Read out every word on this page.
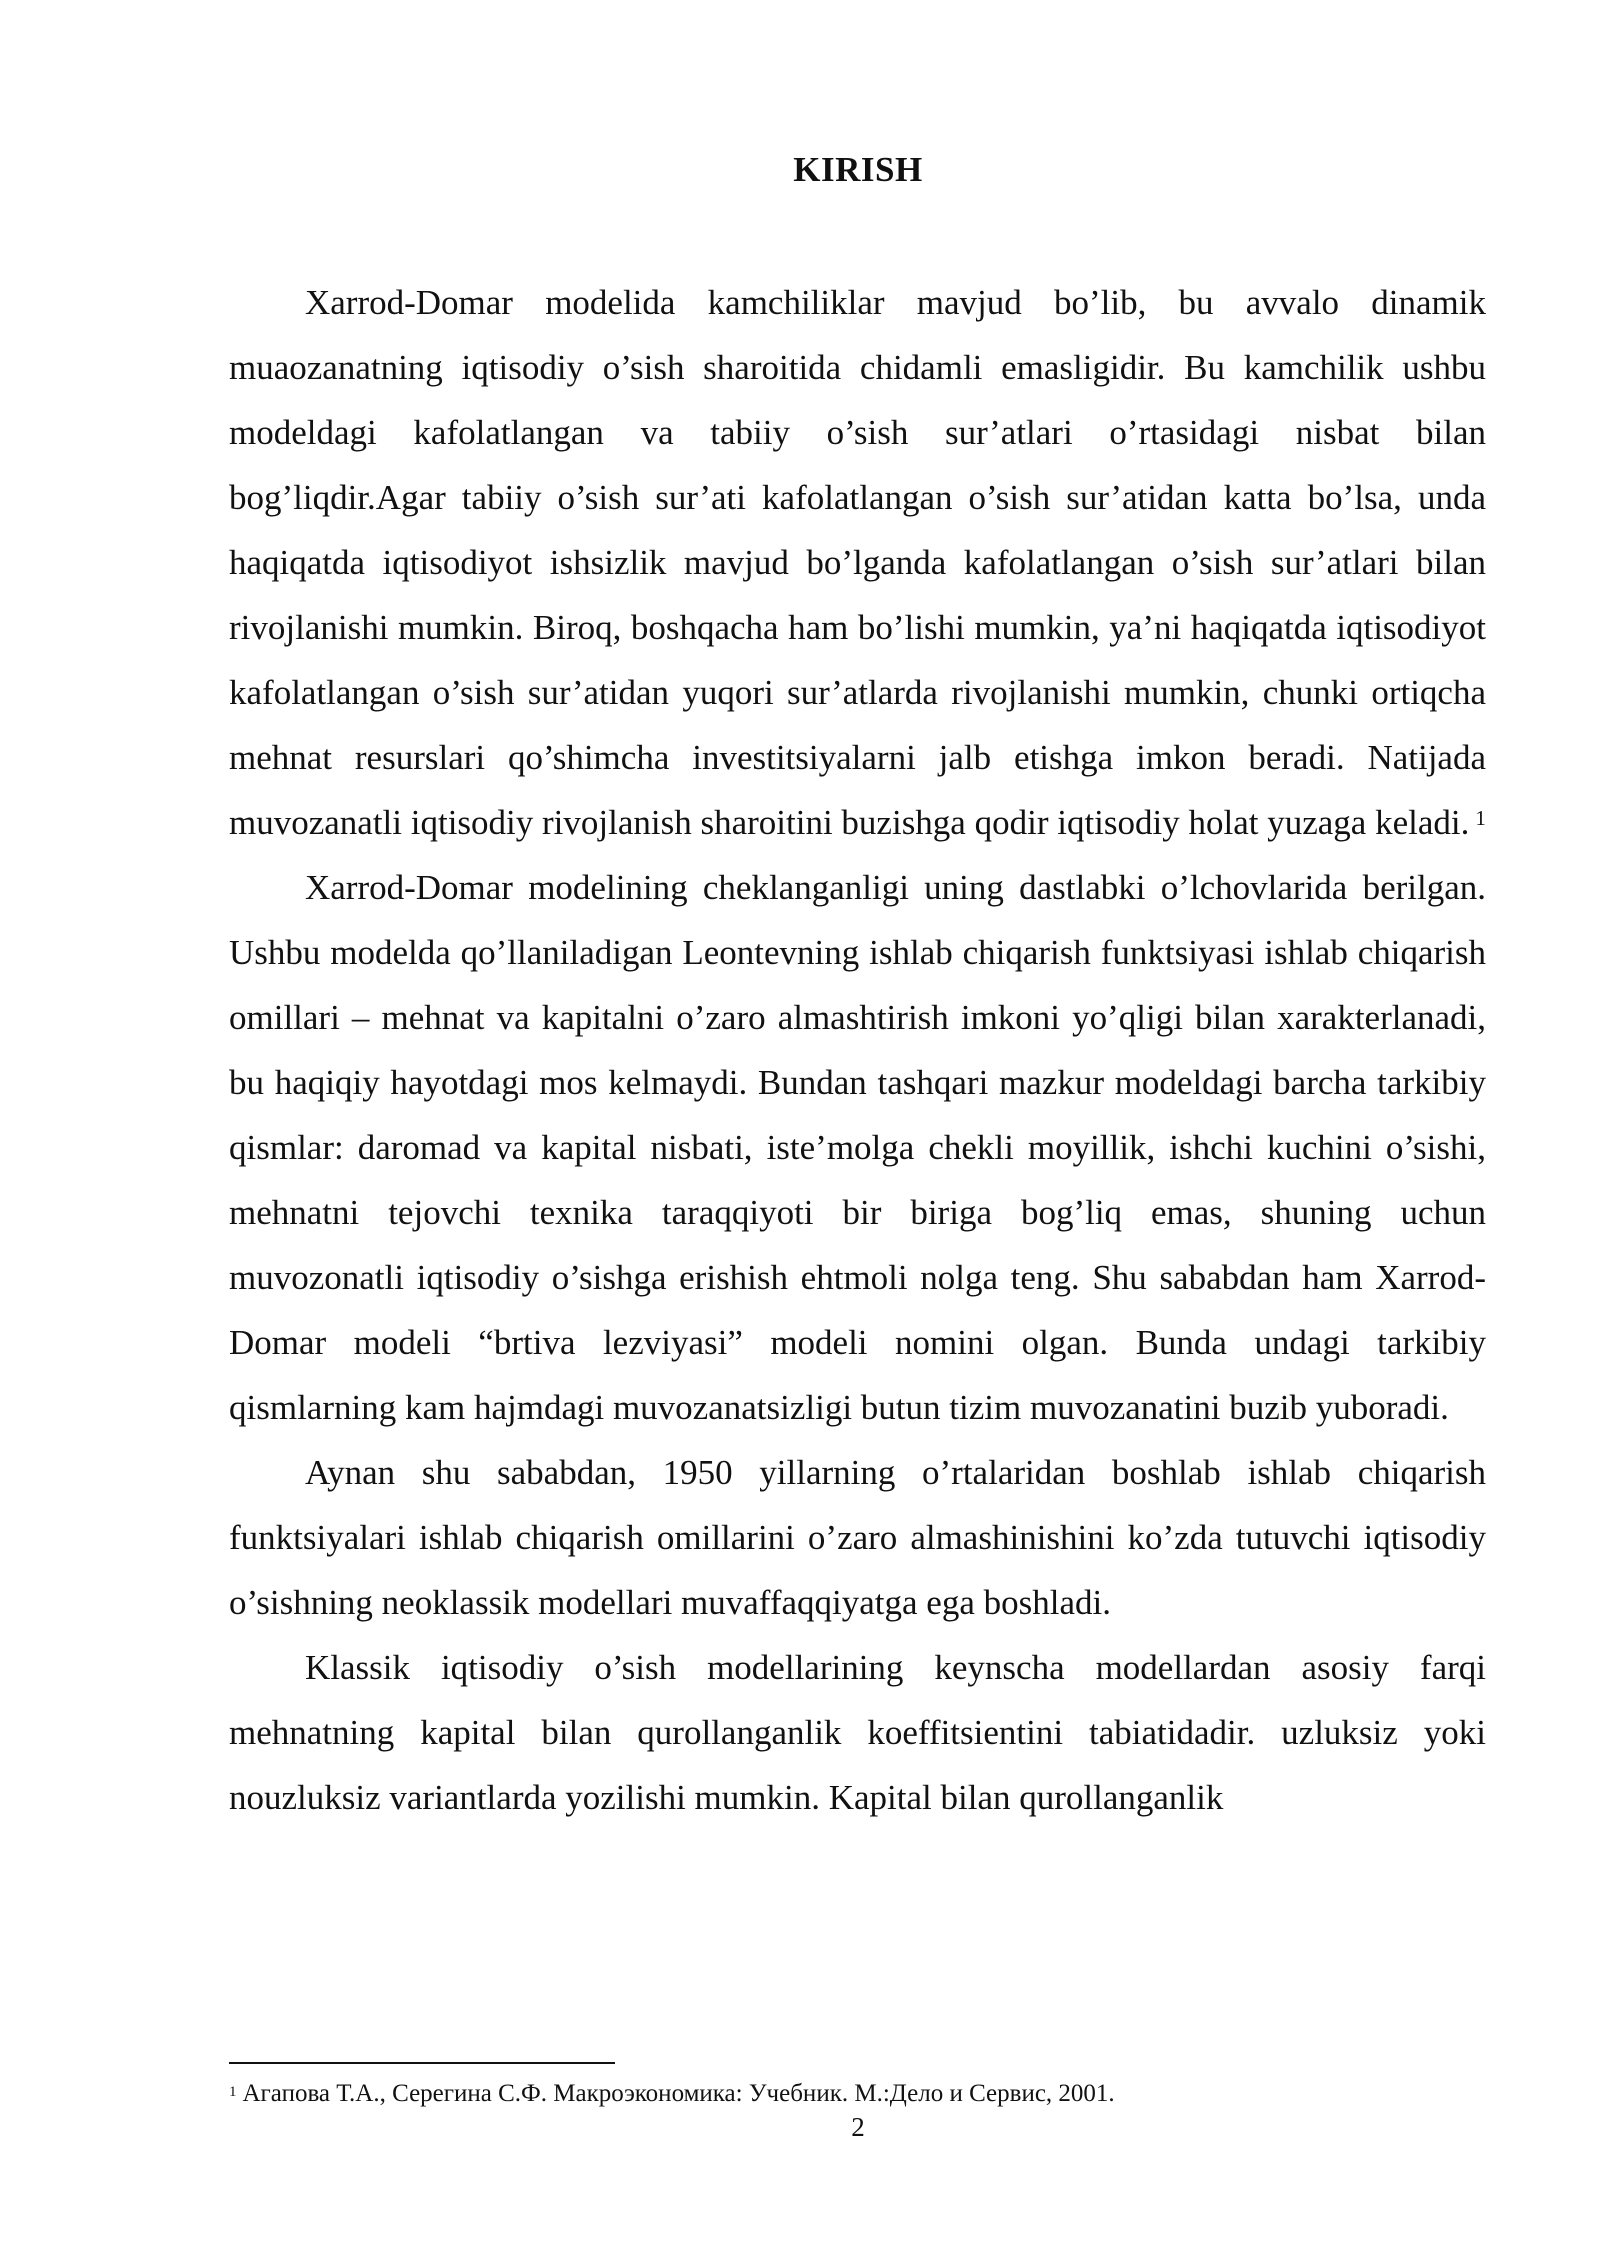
KIRISH

Xarrod-Domar modelida kamchiliklar mavjud bo’lib, bu avvalo dinamik muaozanatning iqtisodiy o’sish sharoitida chidamli emasligidir. Bu kamchilik ushbu modeldagi kafolatlangan va tabiiy o’sish sur’atlari o’rtasidagi nisbat bilan bog’liqdir.Agar tabiiy o’sish sur’ati kafolatlangan o’sish sur’atidan katta bo’lsa, unda haqiqatda iqtisodiyot ishsizlik mavjud bo’lganda kafolatlangan o’sish sur’atlari bilan rivojlanishi mumkin. Biroq, boshqacha ham bo’lishi mumkin, ya’ni haqiqatda iqtisodiyot kafolatlangan o’sish sur’atidan yuqori sur’atlarda rivojlanishi mumkin, chunki ortiqcha mehnat resurslari qo’shimcha investitsiyalarni jalb etishga imkon beradi. Natijada muvozanatli iqtisodiy rivojlanish sharoitini buzishga qodir iqtisodiy holat yuzaga keladi. $^1$

Xarrod-Domar modelining cheklanganligi uning dastlabki o’lchovlarida berilgan. Ushbu modelda qo’llaniladigan Leontevning ishlab chiqarish funktsiyasi ishlab chiqarish omillari – mehnat va kapitalni o’zaro almashtirish imkoni yo’qligi bilan xarakterlanadi, bu haqiqiy hayotdagi mos kelmaydi. Bundan tashqari mazkur modeldagi barcha tarkibiy qismlar: daromad va kapital nisbati, iste’molga chekli moyillik, ishchi kuchini o’sishi, mehnatni tejovchi texnika taraqqiyoti bir biriga bog’liq emas, shuning uchun muvozonatli iqtisodiy o’sishga erishish ehtmoli nolga teng. Shu sababdan ham Xarrod-Domar modeli “brtiva lezviyasi” modeli nomini olgan. Bunda undagi tarkibiy qismlarning kam hajmdagi muvozanatsizligi butun tizim muvozanatini buzib yuboradi.

Aynan shu sababdan, 1950 yillarning o’rtalaridan boshlab ishlab chiqarish funktsiyalari ishlab chiqarish omillarini o’zaro almashinishini ko’zda tutuvchi iqtisodiy o’sishning neoklassik modellari muvaffaqqiyatga ega boshladi.

Klassik iqtisodiy o’sish modellarining keynscha modellardan asosiy farqi mehnatning kapital bilan qurollanganlik koeffitsientini tabiatidadir. uzluksiz yoki nouzluksiz variantlarda yozilishi mumkin. Kapital bilan qurollanganlik

$^1$ Агапова Т.А., Серегина С.Ф. Макроэкономика: Учебник. М.:Дело и Сервис, 2001.
2
